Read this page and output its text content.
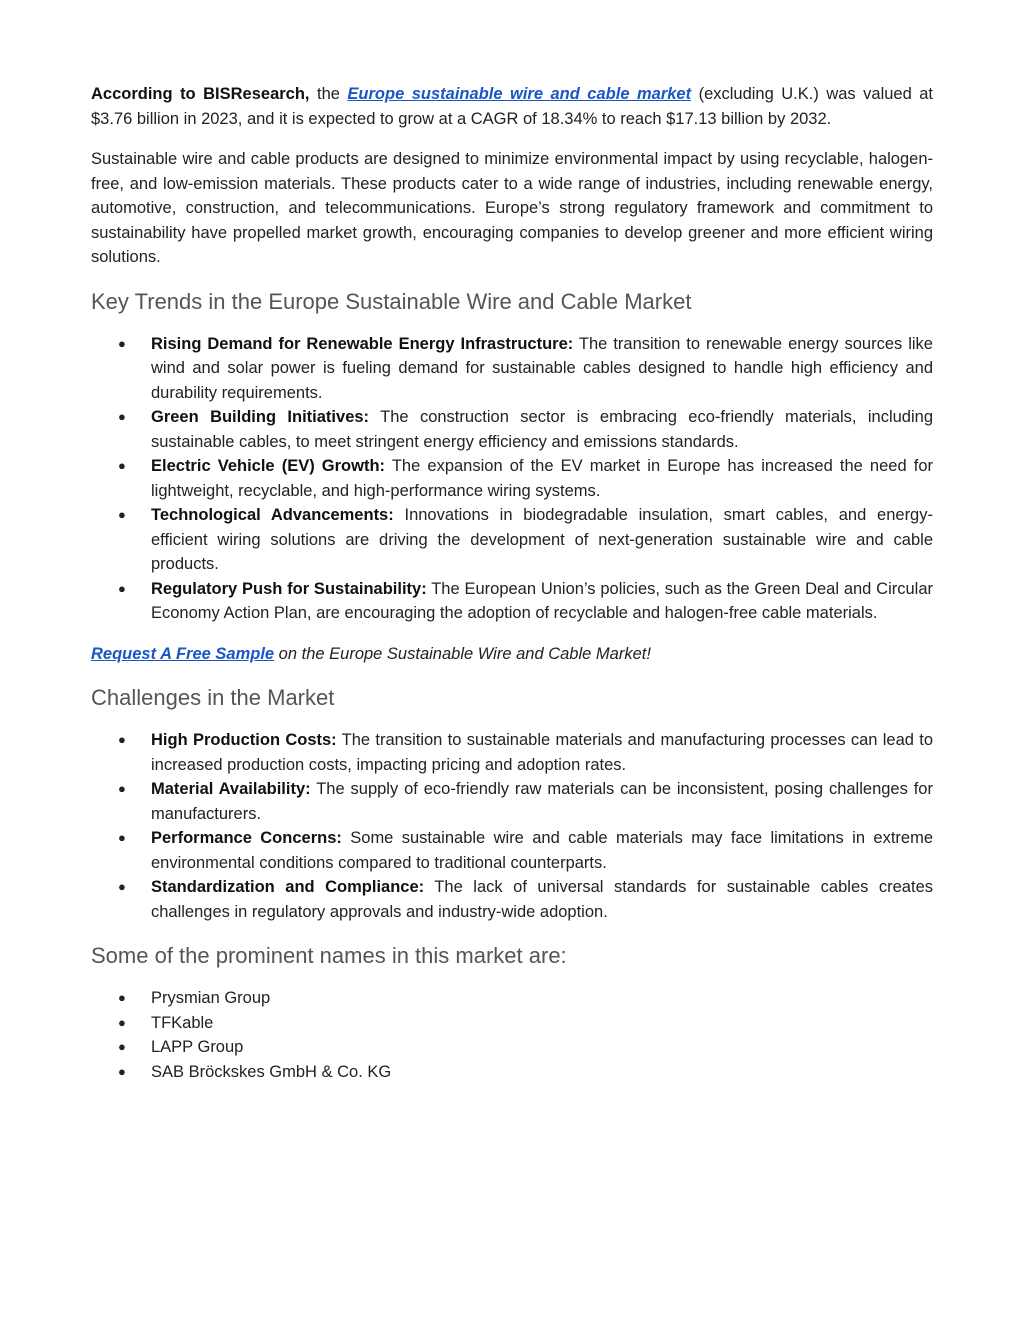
According to BISResearch, the Europe sustainable wire and cable market (excluding U.K.) was valued at $3.76 billion in 2023, and it is expected to grow at a CAGR of 18.34% to reach $17.13 billion by 2032.

Sustainable wire and cable products are designed to minimize environmental impact by using recyclable, halogen-free, and low-emission materials. These products cater to a wide range of industries, including renewable energy, automotive, construction, and telecommunications. Europe’s strong regulatory framework and commitment to sustainability have propelled market growth, encouraging companies to develop greener and more efficient wiring solutions.

Key Trends in the Europe Sustainable Wire and Cable Market
● Rising Demand for Renewable Energy Infrastructure: The transition to renewable energy sources like wind and solar power is fueling demand for sustainable cables designed to handle high efficiency and durability requirements.
● Green Building Initiatives: The construction sector is embracing eco-friendly materials, including sustainable cables, to meet stringent energy efficiency and emissions standards.
● Electric Vehicle (EV) Growth: The expansion of the EV market in Europe has increased the need for lightweight, recyclable, and high-performance wiring systems.
● Technological Advancements: Innovations in biodegradable insulation, smart cables, and energy-efficient wiring solutions are driving the development of next-generation sustainable wire and cable products.
● Regulatory Push for Sustainability: The European Union’s policies, such as the Green Deal and Circular Economy Action Plan, are encouraging the adoption of recyclable and halogen-free cable materials.

Request A Free Sample on the Europe Sustainable Wire and Cable Market!

Challenges in the Market
● High Production Costs: The transition to sustainable materials and manufacturing processes can lead to increased production costs, impacting pricing and adoption rates.
● Material Availability: The supply of eco-friendly raw materials can be inconsistent, posing challenges for manufacturers.
● Performance Concerns: Some sustainable wire and cable materials may face limitations in extreme environmental conditions compared to traditional counterparts.
● Standardization and Compliance: The lack of universal standards for sustainable cables creates challenges in regulatory approvals and industry-wide adoption.
Some of the prominent names in this market are:
● Prysmian Group
● TFKable
● LAPP Group
● SAB Bröckskes GmbH & Co. KG
